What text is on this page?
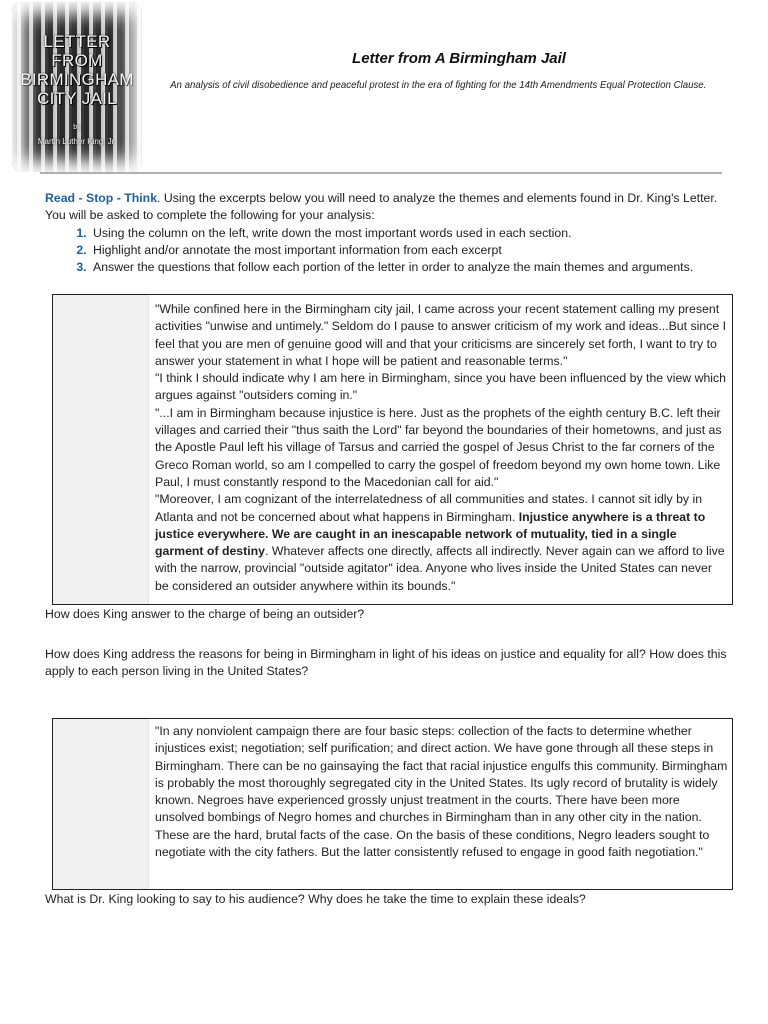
LETTER
FROM
BIRMINGHAM
CITY JAIL
by
Martin Luther King, Jr.
Letter from A Birmingham Jail
An analysis of civil disobedience and peaceful protest in the era of fighting for the 14th Amendments Equal Protection Clause.
Read - Stop - Think. Using the excerpts below you will need to analyze the themes and elements found in Dr. King's Letter. You will be asked to complete the following for your analysis:
1. Using the column on the left, write down the most important words used in each section.
2. Highlight and/or annotate the most important information from each excerpt
3. Answer the questions that follow each portion of the letter in order to analyze the main themes and arguments.

"While confined here in the Birmingham city jail, I came across your recent statement calling my present activities "unwise and untimely." Seldom do I pause to answer criticism of my work and ideas...But since I feel that you are men of genuine good will and that your criticisms are sincerely set forth, I want to try to answer your statement in what I hope will be patient and reasonable terms."

"I think I should indicate why I am here in Birmingham, since you have been influenced by the view which argues against "outsiders coming in."

"...I am in Birmingham because injustice is here. Just as the prophets of the eighth century B.C. left their villages and carried their "thus saith the Lord" far beyond the boundaries of their hometowns, and just as the Apostle Paul left his village of Tarsus and carried the gospel of Jesus Christ to the far corners of the Greco Roman world, so am I compelled to carry the gospel of freedom beyond my own home town. Like Paul, I must constantly respond to the Macedonian call for aid."

"Moreover, I am cognizant of the interrelatedness of all communities and states. I cannot sit idly by in Atlanta and not be concerned about what happens in Birmingham. Injustice anywhere is a threat to justice everywhere. We are caught in an inescapable network of mutuality, tied in a single garment of destiny. Whatever affects one directly, affects all indirectly. Never again can we afford to live with the narrow, provincial "outside agitator" idea. Anyone who lives inside the United States can never be considered an outsider anywhere within its bounds."

How does King answer to the charge of being an outsider?
How does King address the reasons for being in Birmingham in light of his ideas on justice and equality for all? How does this apply to each person living in the United States?

"In any nonviolent campaign there are four basic steps: collection of the facts to determine whether injustices exist; negotiation; self purification; and direct action. We have gone through all these steps in Birmingham. There can be no gainsaying the fact that racial injustice engulfs this community. Birmingham is probably the most thoroughly segregated city in the United States. Its ugly record of brutality is widely known. Negroes have experienced grossly unjust treatment in the courts. There have been more unsolved bombings of Negro homes and churches in Birmingham than in any other city in the nation. These are the hard, brutal facts of the case. On the basis of these conditions, Negro leaders sought to negotiate with the city fathers. But the latter consistently refused to engage in good faith negotiation."

What is Dr. King looking to say to his audience? Why does he take the time to explain these ideals?
